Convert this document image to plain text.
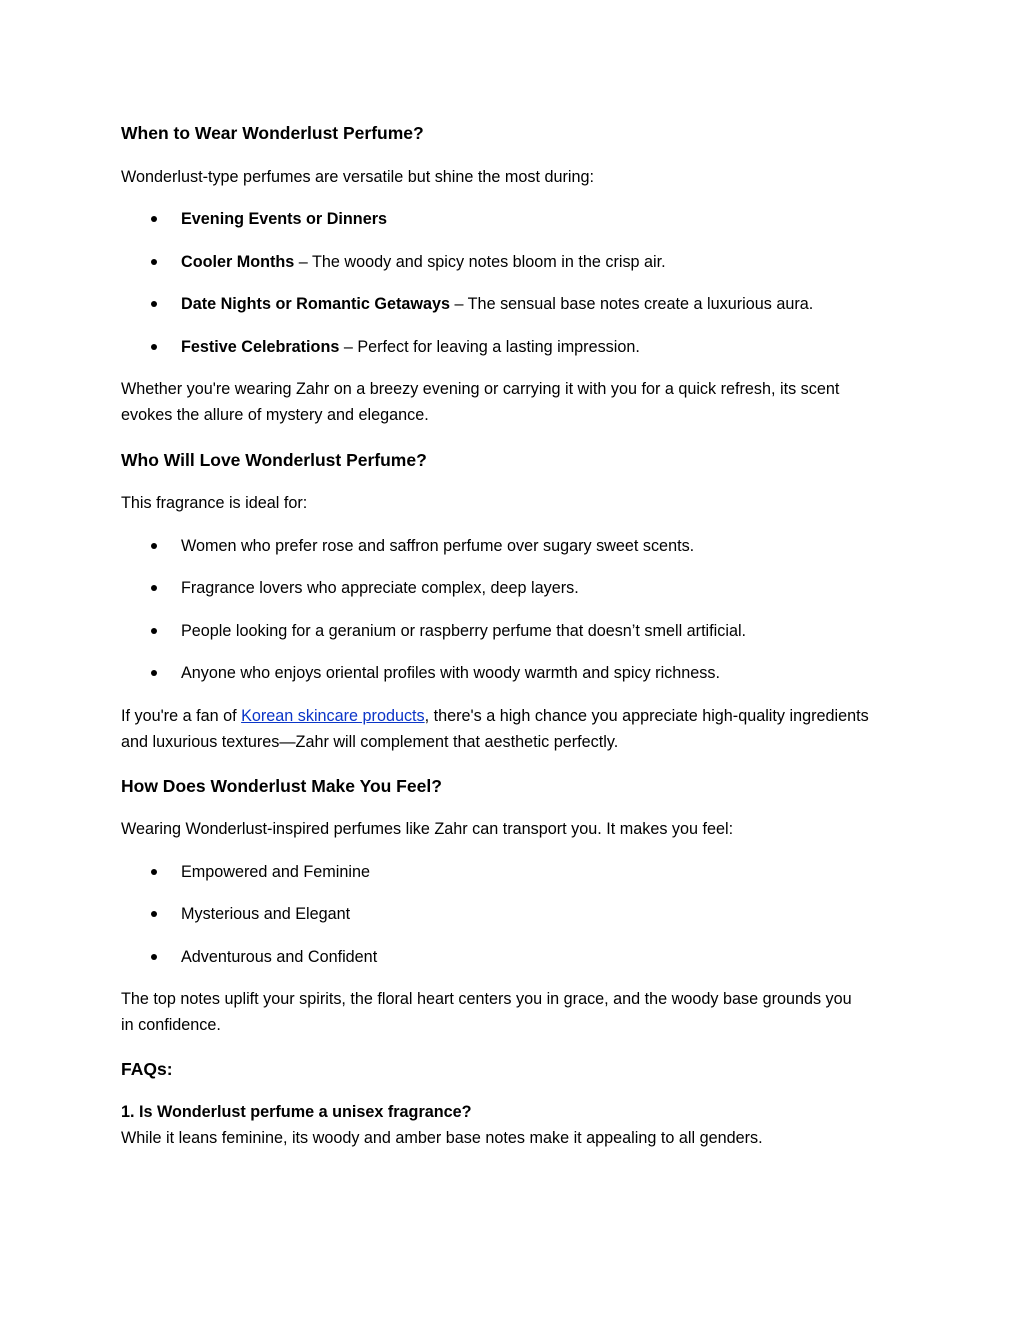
When to Wear Wonderlust Perfume?
Wonderlust-type perfumes are versatile but shine the most during:
Evening Events or Dinners
Cooler Months – The woody and spicy notes bloom in the crisp air.
Date Nights or Romantic Getaways – The sensual base notes create a luxurious aura.
Festive Celebrations – Perfect for leaving a lasting impression.
Whether you're wearing Zahr on a breezy evening or carrying it with you for a quick refresh, its scent
evokes the allure of mystery and elegance.
Who Will Love Wonderlust Perfume?
This fragrance is ideal for:
Women who prefer rose and saffron perfume over sugary sweet scents.
Fragrance lovers who appreciate complex, deep layers.
People looking for a geranium or raspberry perfume that doesn’t smell artificial.
Anyone who enjoys oriental profiles with woody warmth and spicy richness.
If you're a fan of Korean skincare products, there's a high chance you appreciate high-quality ingredients
and luxurious textures—Zahr will complement that aesthetic perfectly.
How Does Wonderlust Make You Feel?
Wearing Wonderlust-inspired perfumes like Zahr can transport you. It makes you feel:
Empowered and Feminine
Mysterious and Elegant
Adventurous and Confident
The top notes uplift your spirits, the floral heart centers you in grace, and the woody base grounds you
in confidence.
FAQs:
1. Is Wonderlust perfume a unisex fragrance?
While it leans feminine, its woody and amber base notes make it appealing to all genders.
